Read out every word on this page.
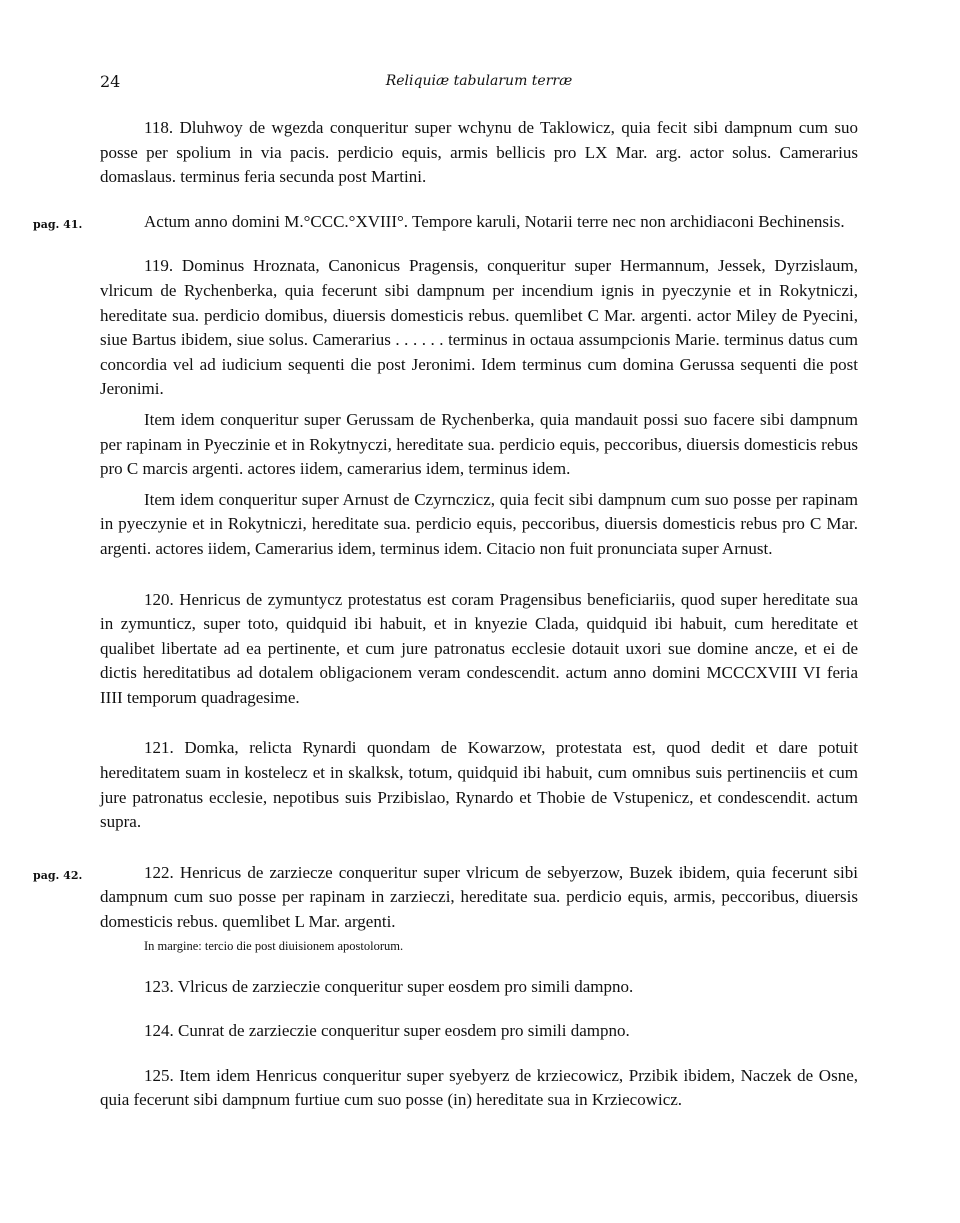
24	Reliquiæ tabularum terræ

118. Dluhwoy de wgezda conqueritur super wchynu de Taklowicz, quia fecit sibi dampnum cum suo posse per spolium in via pacis. perdicio equis, armis bellicis pro LX Mar. arg. actor solus. Camerarius domaslaus. terminus feria secunda post Martini.

pag. 41.	Actum anno domini M.°CCC.°XVIII°. Tempore karuli, Notarii terre nec non archidiaconi Bechinensis.

119. Dominus Hroznata, Canonicus Pragensis, conqueritur super Hermannum, Jessek, Dyrzislaum, vlricum de Rychenberka, quia fecerunt sibi dampnum per incendium ignis in pyeczynie et in Rokytniczi, hereditate sua. perdicio domibus, diuersis domesticis rebus. quemlibet C Mar. argenti. actor Miley de Pyecini, siue Bartus ibidem, siue solus. Camerarius . . . . . . terminus in octaua assumpcionis Marie. terminus datus cum concordia vel ad iudicium sequenti die post Jeronimi. Idem terminus cum domina Gerussa sequenti die post Jeronimi.

Item idem conqueritur super Gerussam de Rychenberka, quia mandauit possi suo facere sibi dampnum per rapinam in Pyeczinie et in Rokytnyczi, hereditate sua. perdicio equis, peccoribus, diuersis domesticis rebus pro C marcis argenti. actores iidem, camerarius idem, terminus idem.

Item idem conqueritur super Arnust de Czyrnczicz, quia fecit sibi dampnum cum suo posse per rapinam in pyeczynie et in Rokytniczi, hereditate sua. perdicio equis, peccoribus, diuersis domesticis rebus pro C Mar. argenti. actores iidem, Camerarius idem, terminus idem. Citacio non fuit pronunciata super Arnust.

120. Henricus de zymuntycz protestatus est coram Pragensibus beneficiariis, quod super hereditate sua in zymunticz, super toto, quidquid ibi habuit, et in knyezie Clada, quidquid ibi habuit, cum hereditate et qualibet libertate ad ea pertinente, et cum jure patronatus ecclesie dotauit uxori sue domine ancze, et ei de dictis hereditatibus ad dotalem obligacionem veram condescendit. actum anno domini MCCCXVIII VI feria IIII temporum quadragesime.

121. Domka, relicta Rynardi quondam de Kowarzow, protestata est, quod dedit et dare potuit hereditatem suam in kostelecz et in skalksk, totum, quidquid ibi habuit, cum omnibus suis pertinenciis et cum jure patronatus ecclesie, nepotibus suis Przibislao, Rynardo et Thobie de Vstupenicz, et condescendit. actum supra.

pag. 42.	122. Henricus de zarziecze conqueritur super vlricum de sebyerzow, Buzek ibidem, quia fecerunt sibi dampnum cum suo posse per rapinam in zarzieczi, hereditate sua. perdicio equis, armis, peccoribus, diuersis domesticis rebus. quemlibet L Mar. argenti.

In margine: tercio die post diuisionem apostolorum.

123. Vlricus de zarzieczie conqueritur super eosdem pro simili dampno.

124. Cunrat de zarzieczie conqueritur super eosdem pro simili dampno.

125. Item idem Henricus conqueritur super syebyerz de krziecowicz, Przibik ibidem, Naczek de Osne, quia fecerunt sibi dampnum furtiue cum suo posse (in) hereditate sua in Krziecowicz.
